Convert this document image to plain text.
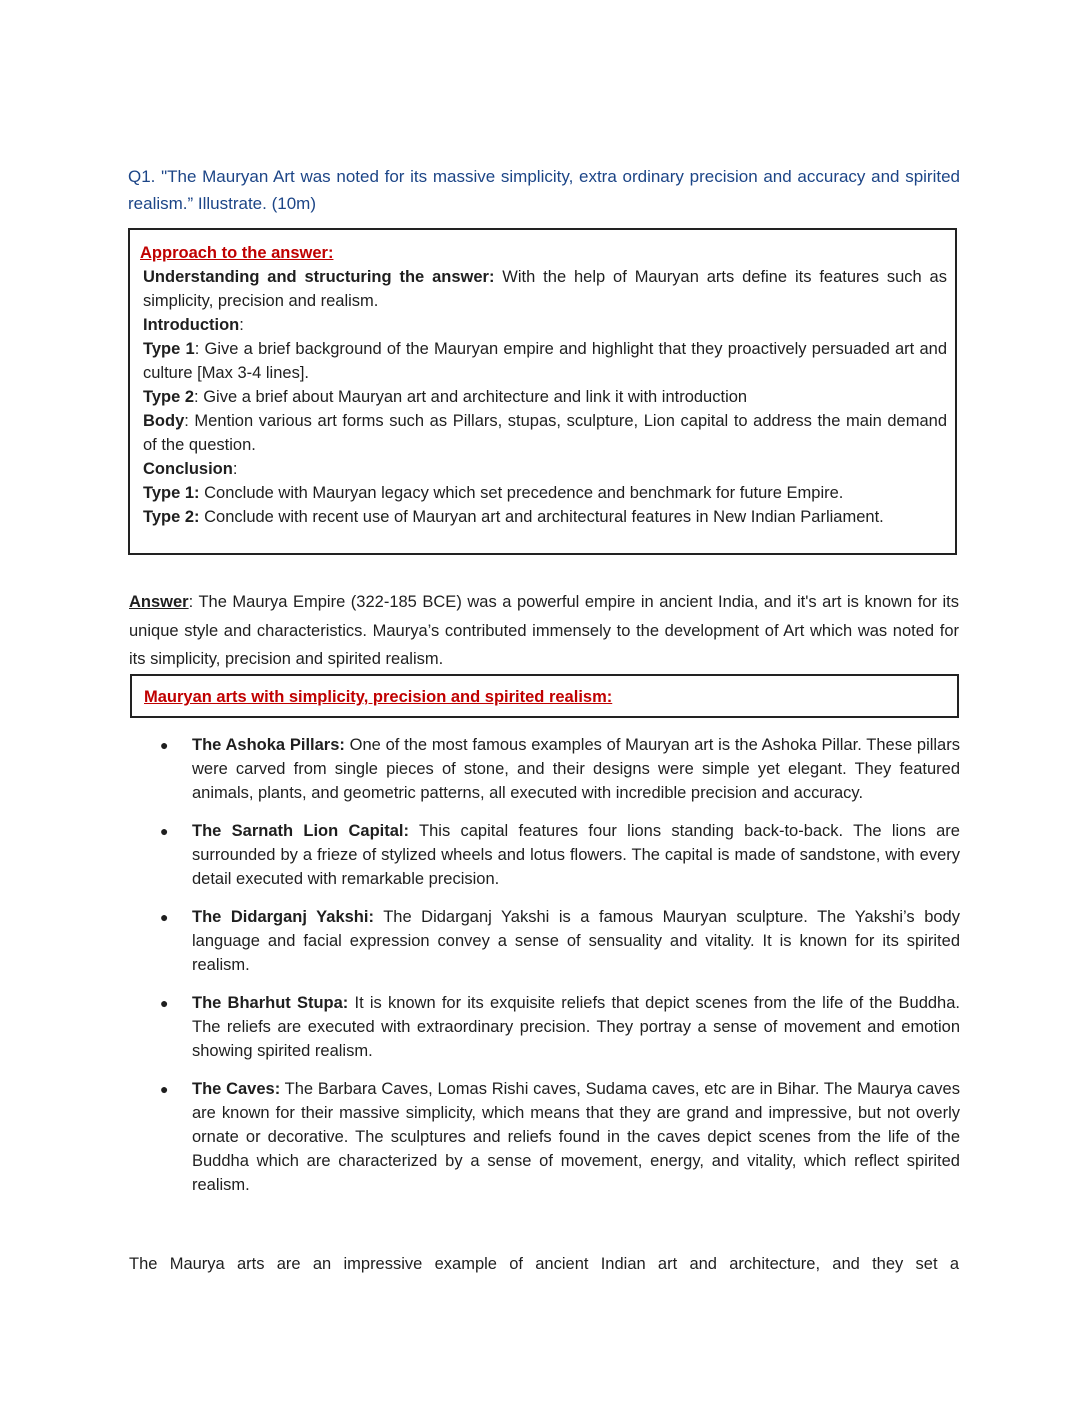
Q1. "The Mauryan Art was noted for its massive simplicity, extra ordinary precision and accuracy and spirited realism.” Illustrate. (10m)
Approach to the answer:
Understanding and structuring the answer: With the help of Mauryan arts define its features such as simplicity, precision and realism.
Introduction:
Type 1: Give a brief background of the Mauryan empire and highlight that they proactively persuaded art and culture [Max 3-4 lines].
Type 2: Give a brief about Mauryan art and architecture and link it with introduction
Body: Mention various art forms such as Pillars, stupas, sculpture, Lion capital to address the main demand of the question.
Conclusion:
Type 1: Conclude with Mauryan legacy which set precedence and benchmark for future Empire.
Type 2: Conclude with recent use of Mauryan art and architectural features in New Indian Parliament.
Answer: The Maurya Empire (322-185 BCE) was a powerful empire in ancient India, and it's art is known for its unique style and characteristics. Maurya’s contributed immensely to the development of Art which was noted for its simplicity, precision and spirited realism.
Mauryan arts with simplicity, precision and spirited realism:
●	The Ashoka Pillars: One of the most famous examples of Mauryan art is the Ashoka Pillar. These pillars were carved from single pieces of stone, and their designs were simple yet elegant. They featured animals, plants, and geometric patterns, all executed with incredible precision and accuracy.
●	The Sarnath Lion Capital: This capital features four lions standing back-to-back. The lions are surrounded by a frieze of stylized wheels and lotus flowers. The capital is made of sandstone, with every detail executed with remarkable precision.
●	The Didarganj Yakshi: The Didarganj Yakshi is a famous Mauryan sculpture. The Yakshi’s body language and facial expression convey a sense of sensuality and vitality. It is known for its spirited realism.
●	The Bharhut Stupa: It is known for its exquisite reliefs that depict scenes from the life of the Buddha. The reliefs are executed with extraordinary precision. They portray a sense of movement and emotion showing spirited realism.
●	The Caves: The Barbara Caves, Lomas Rishi caves, Sudama caves, etc are in Bihar. The Maurya caves are known for their massive simplicity, which means that they are grand and impressive, but not overly ornate or decorative. The sculptures and reliefs found in the caves depict scenes from the life of the Buddha which are characterized by a sense of movement, energy, and vitality, which reflect spirited realism.
The Maurya arts are an impressive example of ancient Indian art and architecture, and they set a
